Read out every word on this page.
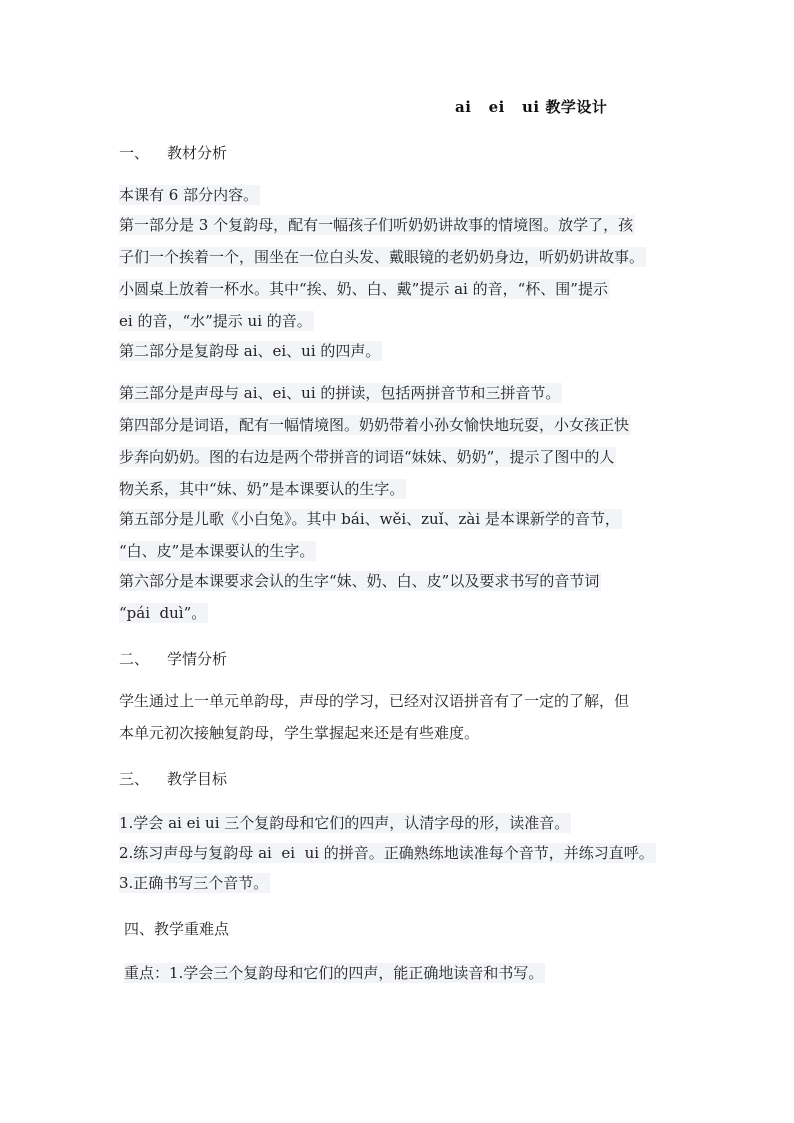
ai   ei   ui 教学设计
一、 教材分析
本课有 6 部分内容。
第一部分是 3 个复韵母，配有一幅孩子们听奶奶讲故事的情境图。放学了，孩
子们一个挨着一个，围坐在一位白头发、戴眼镜的老奶奶身边，听奶奶讲故事。
小圆桌上放着一杯水。其中“挨、奶、白、戴”提示 ai 的音，“杯、围”提示
ei 的音，“水”提示 ui 的音。
第二部分是复韵母 ai、ei、ui 的四声。
第三部分是声母与 ai、ei、ui 的拼读，包括两拼音节和三拼音节。
第四部分是词语，配有一幅情境图。奶奶带着小孙女愉快地玩耍，小女孩正快
步奔向奶奶。图的右边是两个带拼音的词语“妹妹、奶奶”，提示了图中的人
物关系，其中“妹、奶”是本课要认的生字。
第五部分是儿歌《小白兔》。其中 bái、wěi、zuǐ、zài 是本课新学的音节，
“白、皮”是本课要认的生字。
第六部分是本课要求会认的生字“妹、奶、白、皮”以及要求书写的音节词
“pái  duì”。
二、 学情分析
学生通过上一单元单韵母，声母的学习，已经对汉语拼音有了一定的了解，但
本单元初次接触复韵母，学生掌握起来还是有些难度。
三、 教学目标
1.学会 ai ei ui 三个复韵母和它们的四声，认清字母的形，读准音。
2.练习声母与复韵母 ai  ei  ui 的拼音。正确熟练地读准每个音节，并练习直呼。
3.正确书写三个音节。
四、教学重难点
重点：1.学会三个复韵母和它们的四声，能正确地读音和书写。
